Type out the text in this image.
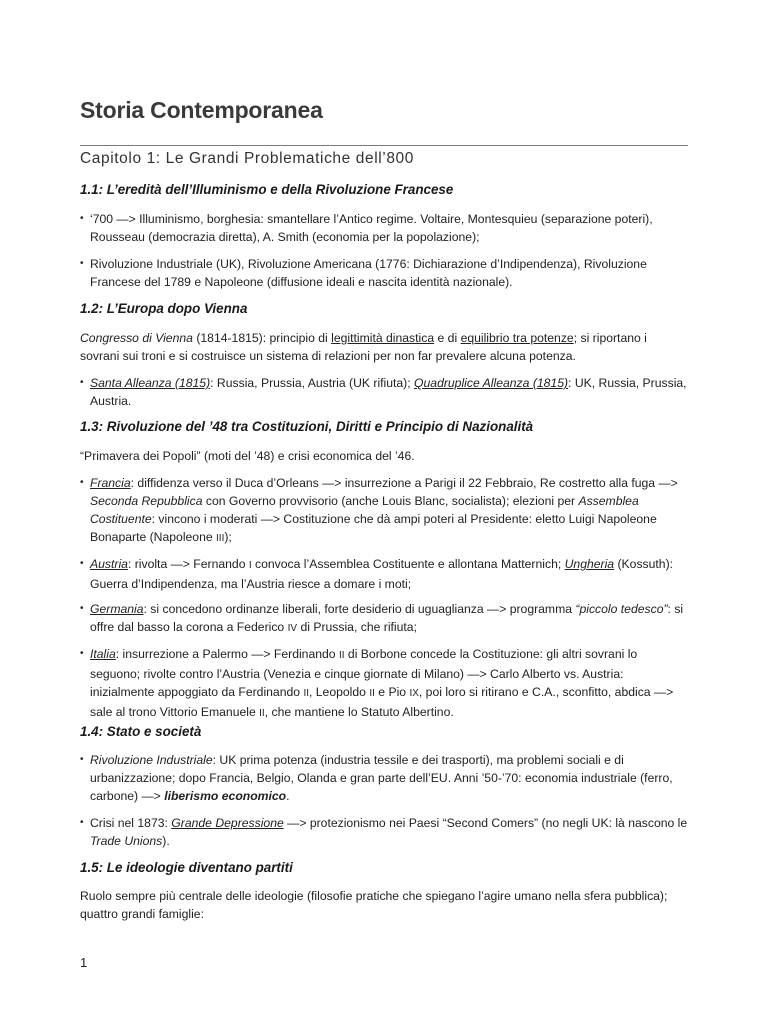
Storia Contemporanea
Capitolo 1: Le Grandi Problematiche dell’800
1.1: L’eredità dell’Illuminismo e della Rivoluzione Francese
• ‘700 —> Illuminismo, borghesia: smantellare l’Antico regime. Voltaire, Montesquieu (separazione poteri), Rousseau (democrazia diretta), A. Smith (economia per la popolazione);
• Rivoluzione Industriale (UK), Rivoluzione Americana (1776: Dichiarazione d’Indipendenza), Rivoluzione Francese del 1789 e Napoleone (diffusione ideali e nascita identità nazionale).
1.2: L’Europa dopo Vienna
Congresso di Vienna (1814-1815): principio di legittimità dinastica e di equilibrio tra potenze; si riportano i sovrani sui troni e si costruisce un sistema di relazioni per non far prevalere alcuna potenza.
• Santa Alleanza (1815): Russia, Prussia, Austria (UK rifiuta); Quadruplice Alleanza (1815): UK, Russia, Prussia, Austria.
1.3: Rivoluzione del ’48 tra Costituzioni, Diritti e Principio di Nazionalità
“Primavera dei Popoli” (moti del ’48) e crisi economica del ’46.
• Francia: diffidenza verso il Duca d’Orleans —> insurrezione a Parigi il 22 Febbraio, Re costretto alla fuga —> Seconda Repubblica con Governo provvisorio (anche Louis Blanc, socialista); elezioni per Assemblea Costituente: vincono i moderati —> Costituzione che dà ampi poteri al Presidente: eletto Luigi Napoleone Bonaparte (Napoleone III);
• Austria: rivolta —> Fernando I convoca l’Assemblea Costituente e allontana Matternich; Ungheria (Kossuth): Guerra d’Indipendenza, ma l’Austria riesce a domare i moti;
• Germania: si concedono ordinanze liberali, forte desiderio di uguaglianza —> programma “piccolo tedesco”: si offre dal basso la corona a Federico IV di Prussia, che rifiuta;
• Italia: insurrezione a Palermo —> Ferdinando II di Borbone concede la Costituzione: gli altri sovrani lo seguono; rivolte contro l’Austria (Venezia e cinque giornate di Milano) —> Carlo Alberto vs. Austria: inizialmente appoggiato da Ferdinando II, Leopoldo II e Pio IX, poi loro si ritirano e C.A., sconfitto, abdica —> sale al trono Vittorio Emanuele II, che mantiene lo Statuto Albertino.
1.4: Stato e società
• Rivoluzione Industriale: UK prima potenza (industria tessile e dei trasporti), ma problemi sociali e di urbanizzazione; dopo Francia, Belgio, Olanda e gran parte dell’EU. Anni ’50-’70: economia industriale (ferro, carbone) —> liberismo economico.
• Crisi nel 1873: Grande Depressione —> protezionismo nei Paesi “Second Comers” (no negli UK: là nascono le Trade Unions).
1.5: Le ideologie diventano partiti
Ruolo sempre più centrale delle ideologie (filosofie pratiche che spiegano l’agire umano nella sfera pubblica); quattro grandi famiglie:
1
